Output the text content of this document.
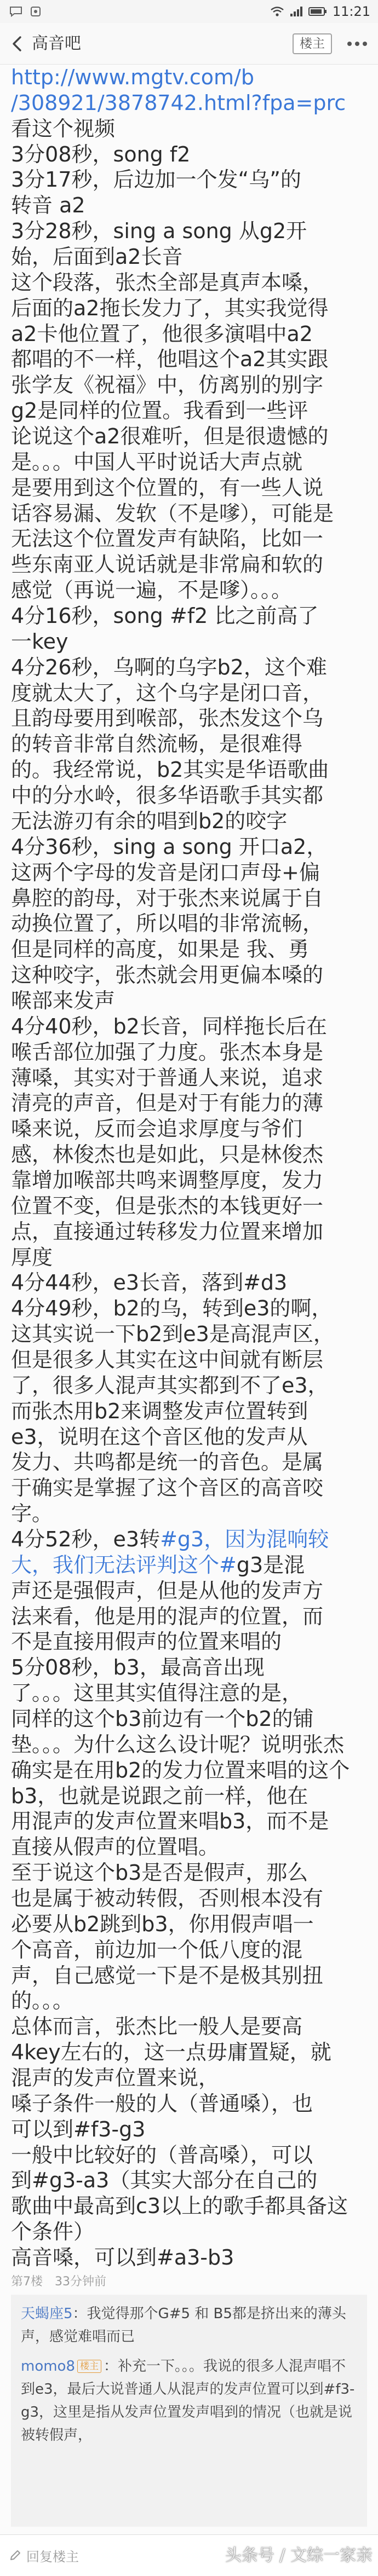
11:21
高音吧	楼主
http://www.mgtv.com/b
/308921/3878742.html?fpa=prc
看这个视频
3分08秒，song f2
3分17秒，后边加一个发“乌”的
转音 a2
3分28秒，sing a song 从g2开
始，后面到a2长音
这个段落，张杰全部是真声本嗓，
后面的a2拖长发力了，其实我觉得
a2卡他位置了，他很多演唱中a2
都唱的不一样，他唱这个a2其实跟
张学友《祝福》中，仿离别的别字
g2是同样的位置。我看到一些评
论说这个a2很难听，但是很遗憾的
是。。。中国人平时说话大声点就
是要用到这个位置的，有一些人说
话容易漏、发软（不是嗲），可能是
无法这个位置发声有缺陷，比如一
些东南亚人说话就是非常扁和软的
感觉（再说一遍，不是嗲）。。。
4分16秒，song #f2 比之前高了
一key
4分26秒，乌啊的乌字b2，这个难
度就太大了，这个乌字是闭口音，
且韵母要用到喉部，张杰发这个乌
的转音非常自然流畅，是很难得
的。我经常说，b2其实是华语歌曲
中的分水岭，很多华语歌手其实都
无法游刃有余的唱到b2的咬字
4分36秒，sing a song 开口a2，
这两个字母的发音是闭口声母+偏
鼻腔的韵母，对于张杰来说属于自
动换位置了，所以唱的非常流畅，
但是同样的高度，如果是 我、勇
这种咬字，张杰就会用更偏本嗓的
喉部来发声
4分40秒，b2长音，同样拖长后在
喉舌部位加强了力度。张杰本身是
薄嗓，其实对于普通人来说，追求
清亮的声音，但是对于有能力的薄
嗓来说，反而会追求厚度与爷们
感，林俊杰也是如此，只是林俊杰
靠增加喉部共鸣来调整厚度，发力
位置不变，但是张杰的本钱更好一
点，直接通过转移发力位置来增加
厚度
4分44秒，e3长音，落到#d3
4分49秒，b2的乌，转到e3的啊，
这其实说一下b2到e3是高混声区，
但是很多人其实在这中间就有断层
了，很多人混声其实都到不了e3，
而张杰用b2来调整发声位置转到
e3，说明在这个音区他的发声从
发力、共鸣都是统一的音色。是属
于确实是掌握了这个音区的高音咬
字。
4分52秒，e3转#g3，因为混响较
大，我们无法评判这个#g3是混
声还是强假声，但是从他的发声方
法来看，他是用的混声的位置，而
不是直接用假声的位置来唱的
5分08秒，b3，最高音出现
了。。。这里其实值得注意的是，
同样的这个b3前边有一个b2的铺
垫。。。为什么这么设计呢？说明张杰
确实是在用b2的发力位置来唱的这个
b3，也就是说跟之前一样，他在
用混声的发声位置来唱b3，而不是
直接从假声的位置唱。
至于说这个b3是否是假声，那么
也是属于被动转假，否则根本没有
必要从b2跳到b3，你用假声唱一
个高音，前边加一个低八度的混
声，自己感觉一下是不是极其别扭
的。。。
总体而言，张杰比一般人是要高
4key左右的，这一点毋庸置疑，就
混声的发声位置来说，
嗓子条件一般的人（普通嗓），也
可以到#f3-g3
一般中比较好的（普高嗓），可以
到#g3-a3（其实大部分在自己的
歌曲中最高到c3以上的歌手都具备这
个条件）
高音嗓，可以到#a3-b3
第7楼 33分钟前
天蝎座5：我觉得那个G#5 和 B5都是挤出来的薄头声，感觉难唱而已
momo8 楼主 ：补充一下。。。我说的很多人混声唱不到e3，最后大说普通人从混声的发声位置可以到#f3-g3，这里是指从发声位置发声唱到的情况（也就是说被转假声，
回复楼主	头条号 / 文综一家亲
